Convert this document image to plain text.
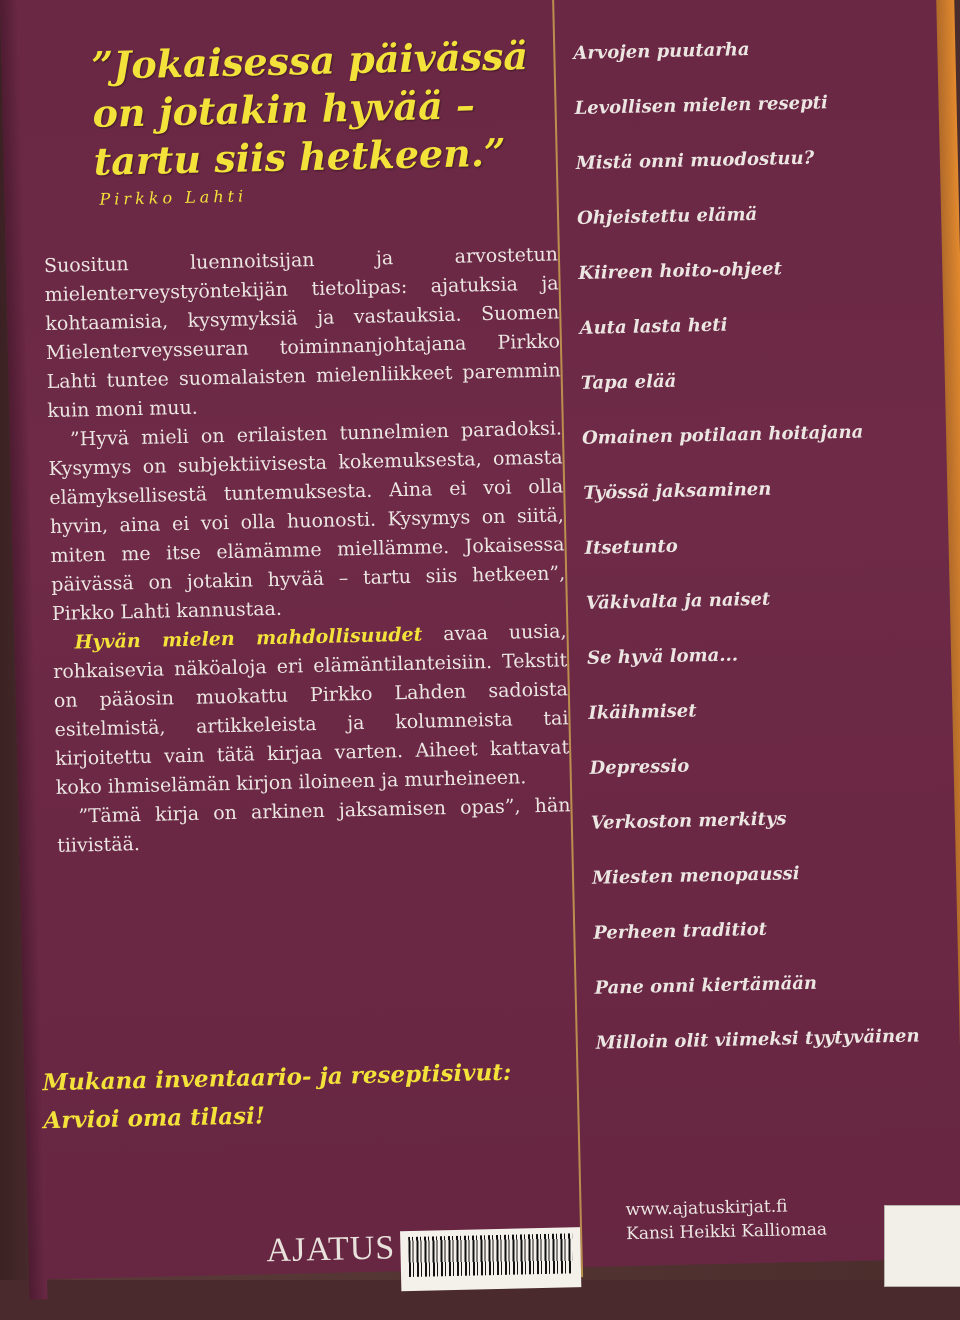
”Jokaisessa päivässä
on jotakin hyvää –
tartu siis hetkeen.”
Pirkko Lahti

Suositun luennoitsijan ja arvostetun mielenterveystyöntekijän tietolipas: ajatuksia ja kohtaamisia, kysymyksiä ja vastauksia. Suomen Mielenterveysseuran toiminnanjohtajana Pirkko Lahti tuntee suomalaisten mielenliikkeet paremmin kuin moni muu.

”Hyvä mieli on erilaisten tunnelmien paradoksi. Kysymys on subjektiivisesta kokemuksesta, omasta elämyksellisestä tuntemuksesta. Aina ei voi olla hyvin, aina ei voi olla huonosti. Kysymys on siitä, miten me itse elämämme miellämme. Jokaisessa päivässä on jotakin hyvää – tartu siis hetkeen”, Pirkko Lahti kannustaa.

Hyvän mielen mahdollisuudet avaa uusia, rohkaisevia näköaloja eri elämäntilanteisiin. Tekstit on pääosin muokattu Pirkko Lahden sadoista esitelmistä, artikkeleista ja kolumneista tai kirjoitettu vain tätä kirjaa varten. Aiheet kattavat koko ihmiselämän kirjon iloineen ja murheineen.

”Tämä kirja on arkinen jaksamisen opas”, hän tiivistää.

Mukana inventaario- ja reseptisivut:
Arvioi oma tilasi!
Arvojen puutarha
Levollisen mielen resepti
Mistä onni muodostuu?
Ohjeistettu elämä
Kiireen hoito-ohjeet
Auta lasta heti
Tapa elää
Omainen potilaan hoitajana
Työssä jaksaminen
Itsetunto
Väkivalta ja naiset
Se hyvä loma...
Ikäihmiset
Depressio
Verkoston merkitys
Miesten menopaussi
Perheen traditiot
Pane onni kiertämään
Milloin olit viimeksi tyytyväinen
AJATUS
www.ajatuskirjat.fi
Kansi Heikki Kalliomaa
